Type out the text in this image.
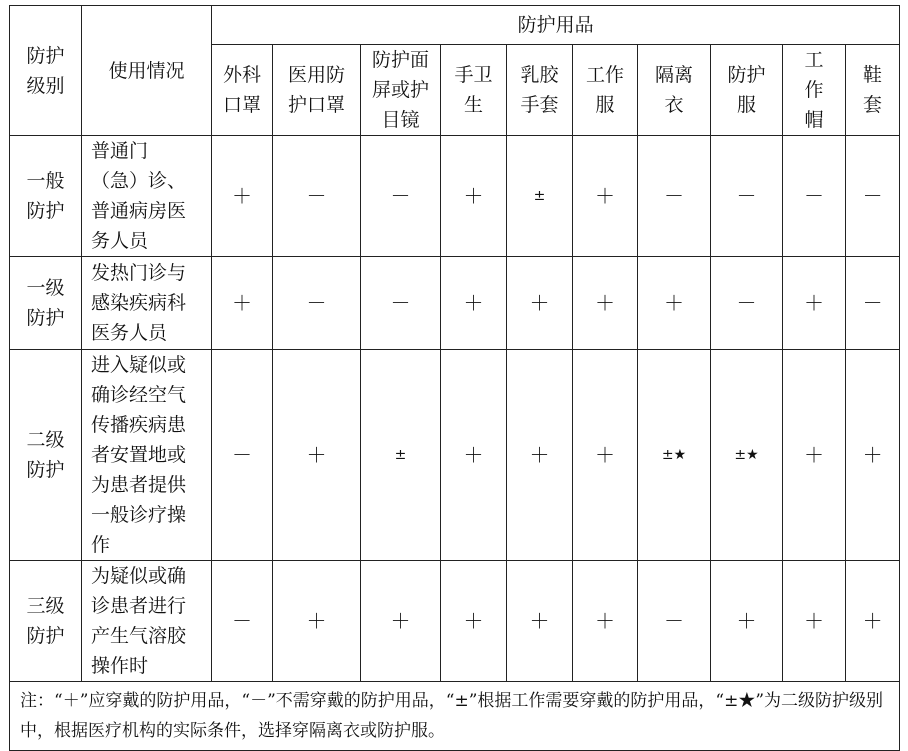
防护级别	使用情况	防护用品									
		外科口罩	医用防护口罩	防护面屏或护目镜	手卫生	乳胶手套	工作服	隔离衣	防护服	工作帽	鞋套
一般防护	普通门（急）诊、普通病房医务人员	＋	－	－	＋	±	＋	－	－	－	－
一级防护	发热门诊与感染疾病科医务人员	＋	－	－	＋	＋	＋	＋	－	＋	－
二级防护	进入疑似或确诊经空气传播疾病患者安置地或为患者提供一般诊疗操作	－	＋	±	＋	＋	＋	±★	±★	＋	＋
三级防护	为疑似或确诊患者进行产生气溶胶操作时	－	＋	＋	＋	＋	＋	－	＋	＋	＋
注：“＋”应穿戴的防护用品，“－”不需穿戴的防护用品，“±”根据工作需要穿戴的防护用品，“±★”为二级防护级别中，根据医疗机构的实际条件，选择穿隔离衣或防护服。											
